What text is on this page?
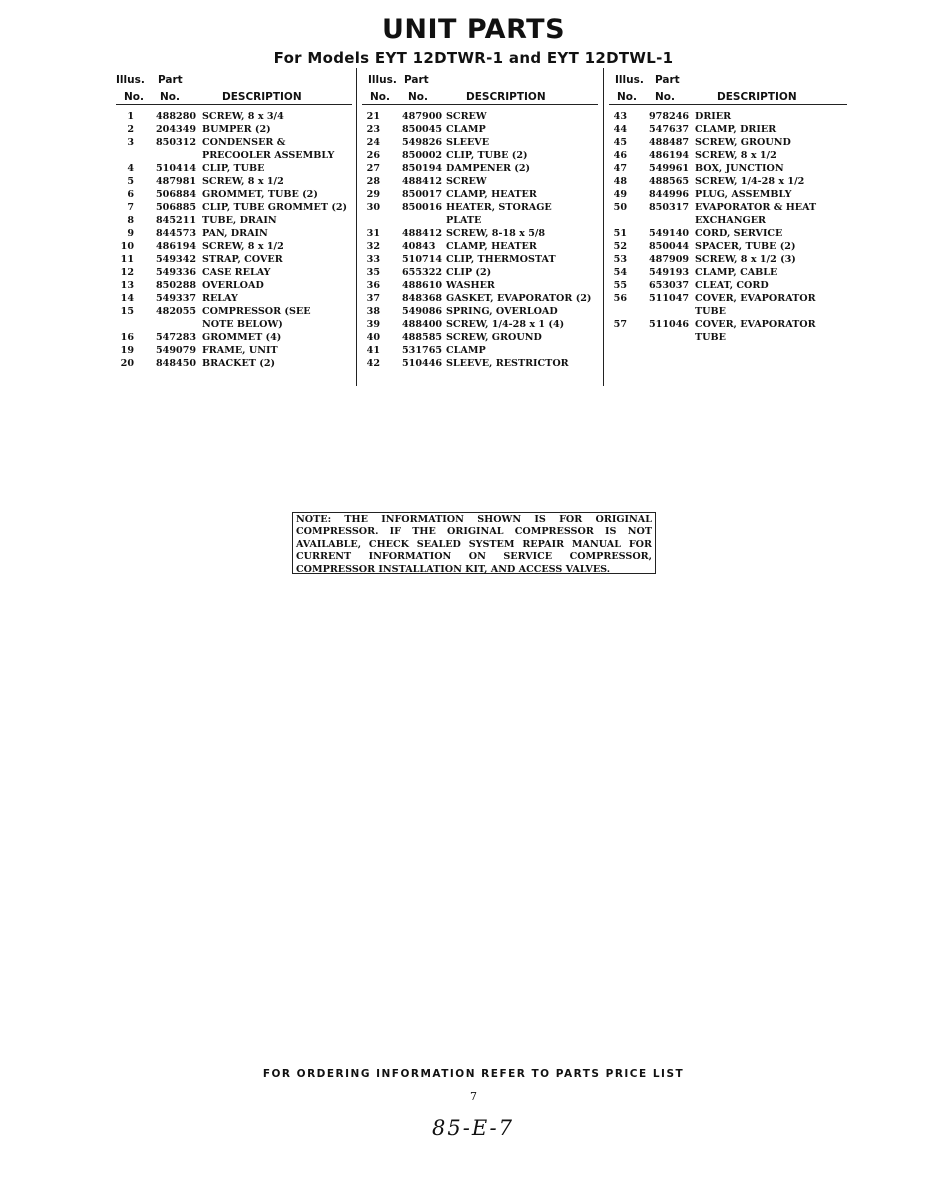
UNIT PARTS
For Models EYT 12DTWR-1 and EYT 12DTWL-1
Illus. Part
No. No.	DESCRIPTION
1 488280 SCREW, 8 x 3/4
2 204349 BUMPER (2)
3 850312 CONDENSER &
PRECOOLER ASSEMBLY
4 510414 CLIP, TUBE
5 487981 SCREW, 8 x 1/2
6 506884 GROMMET, TUBE (2)
7 506885 CLIP, TUBE GROMMET (2)
8 845211 TUBE, DRAIN
9 844573 PAN, DRAIN
10 486194 SCREW, 8 x 1/2
11 549342 STRAP, COVER
12 549336 CASE RELAY
13 850288 OVERLOAD
14 549337 RELAY
15 482055 COMPRESSOR (SEE
NOTE BELOW)
16 547283 GROMMET (4)
19 549079 FRAME, UNIT
20 848450 BRACKET (2)
Illus. Part
No. No.	DESCRIPTION
21 487900 SCREW
23 850045 CLAMP
24 549826 SLEEVE
26 850002 CLIP, TUBE (2)
27 850194 DAMPENER (2)
28 488412 SCREW
29 850017 CLAMP, HEATER
30 850016 HEATER, STORAGE
PLATE
31 488412 SCREW, 8-18 x 5/8
32 40843 CLAMP, HEATER
33 510714 CLIP, THERMOSTAT
35 655322 CLIP (2)
36 488610 WASHER
37 848368 GASKET, EVAPORATOR (2)
38 549086 SPRING, OVERLOAD
39 488400 SCREW, 1/4-28 x 1 (4)
40 488585 SCREW, GROUND
41 531765 CLAMP
42 510446 SLEEVE, RESTRICTOR
Illus. Part
No. No.	DESCRIPTION
43 978246 DRIER
44 547637 CLAMP, DRIER
45 488487 SCREW, GROUND
46 486194 SCREW, 8 x 1/2
47 549961 BOX, JUNCTION
48 488565 SCREW, 1/4-28 x 1/2
49 844996 PLUG, ASSEMBLY
50 850317 EVAPORATOR & HEAT
EXCHANGER
51 549140 CORD, SERVICE
52 850044 SPACER, TUBE (2)
53 487909 SCREW, 8 x 1/2 (3)
54 549193 CLAMP, CABLE
55 653037 CLEAT, CORD
56 511047 COVER, EVAPORATOR
TUBE
57 511046 COVER, EVAPORATOR
TUBE
NOTE: THE INFORMATION SHOWN IS FOR ORIGINAL COMPRESSOR. IF THE ORIGINAL COMPRESSOR IS NOT AVAILABLE, CHECK SEALED SYSTEM REPAIR MANUAL FOR CURRENT INFORMATION ON SERVICE COMPRESSOR, COMPRESSOR INSTALLATION KIT, AND ACCESS VALVES.
FOR ORDERING INFORMATION REFER TO PARTS PRICE LIST
7
85-E-7
